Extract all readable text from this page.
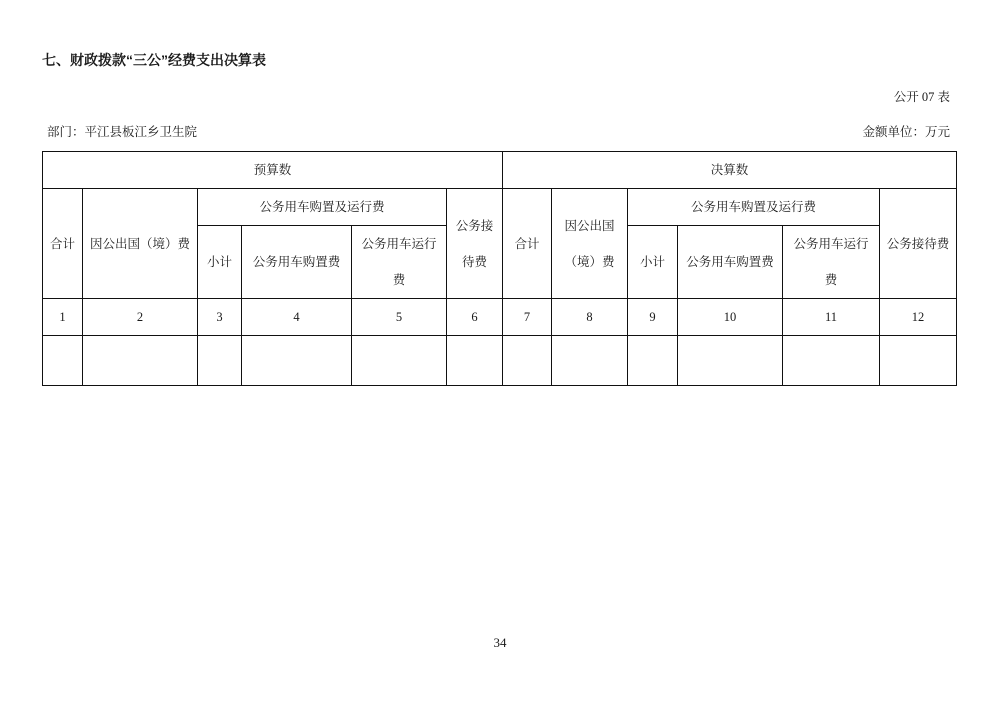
七、财政拨款“三公”经费支出决算表
公开 07 表
部门：平江县板江乡卫生院	金额单位：万元
预算数						决算数					
合计	因公出国（境）费	公务用车购置及运行费			公务接待费	合计	因公出国（境）费	公务用车购置及运行费			公务接待费
		小计	公务用车购置费	公务用车运行费				小计	公务用车购置费	公务用车运行费	
1	2	3	4	5	6	7	8	9	10	11	12

34
